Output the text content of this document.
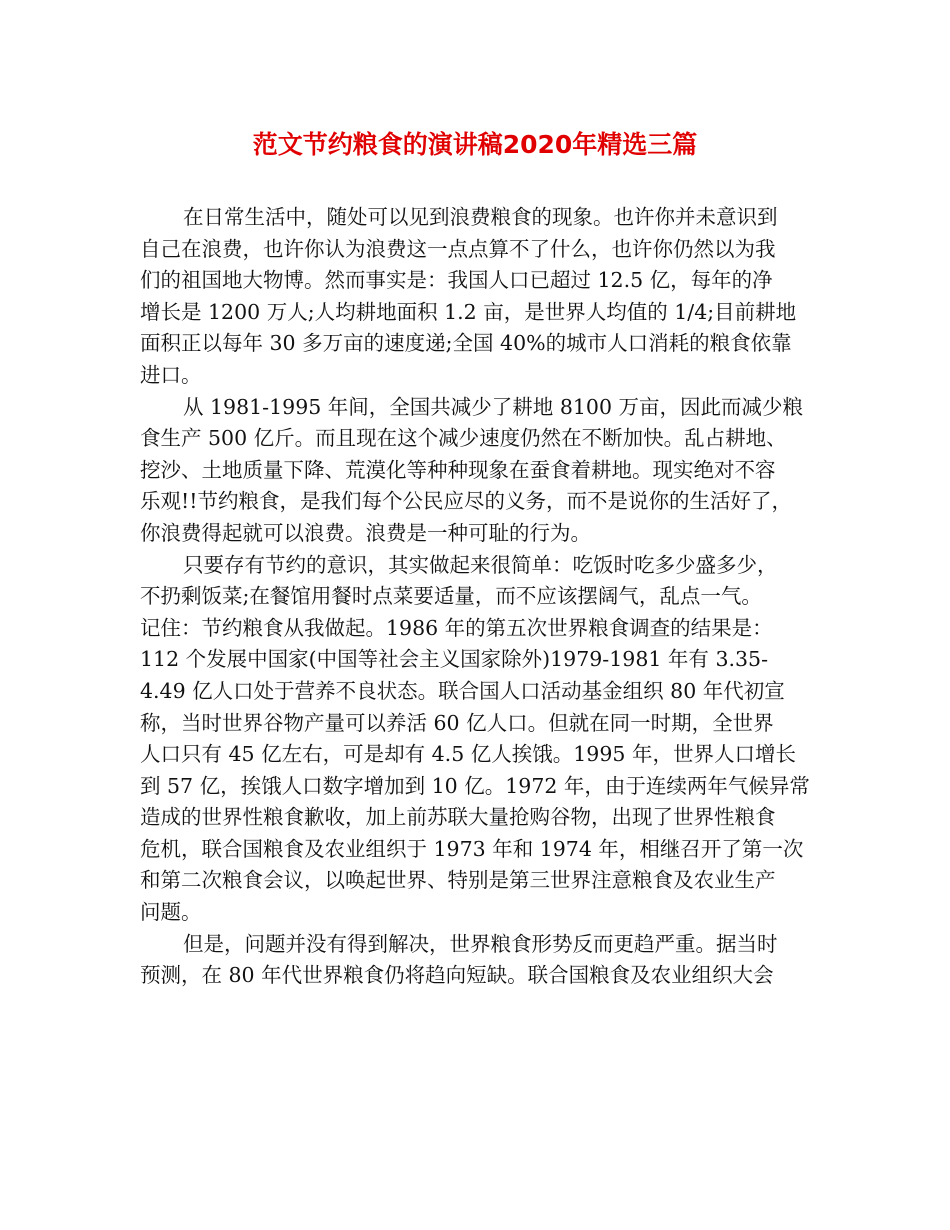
范文节约粮食的演讲稿2020年精选三篇

在日常生活中，随处可以见到浪费粮食的现象。也许你并未意识到
自己在浪费，也许你认为浪费这一点点算不了什么，也许你仍然以为我
们的祖国地大物博。然而事实是：我国人口已超过 12.5 亿，每年的净
增长是 1200 万人;人均耕地面积 1.2 亩，是世界人均值的 1/4;目前耕地
面积正以每年 30 多万亩的速度递;全国 40%的城市人口消耗的粮食依靠
进口。

从 1981-1995 年间，全国共减少了耕地 8100 万亩，因此而减少粮
食生产 500 亿斤。而且现在这个减少速度仍然在不断加快。乱占耕地、
挖沙、土地质量下降、荒漠化等种种现象在蚕食着耕地。现实绝对不容
乐观!!节约粮食，是我们每个公民应尽的义务，而不是说你的生活好了，
你浪费得起就可以浪费。浪费是一种可耻的行为。

只要存有节约的意识，其实做起来很简单：吃饭时吃多少盛多少，
不扔剩饭菜;在餐馆用餐时点菜要适量，而不应该摆阔气，乱点一气。
记住：节约粮食从我做起。1986 年的第五次世界粮食调查的结果是：
112 个发展中国家(中国等社会主义国家除外)1979-1981 年有 3.35-
4.49 亿人口处于营养不良状态。联合国人口活动基金组织 80 年代初宣
称，当时世界谷物产量可以养活 60 亿人口。但就在同一时期，全世界
人口只有 45 亿左右，可是却有 4.5 亿人挨饿。1995 年，世界人口增长
到 57 亿，挨饿人口数字增加到 10 亿。1972 年，由于连续两年气候异常
造成的世界性粮食歉收，加上前苏联大量抢购谷物，出现了世界性粮食
危机，联合国粮食及农业组织于 1973 年和 1974 年，相继召开了第一次
和第二次粮食会议，以唤起世界、特别是第三世界注意粮食及农业生产
问题。

但是，问题并没有得到解决，世界粮食形势反而更趋严重。据当时
预测，在 80 年代世界粮食仍将趋向短缺。联合国粮食及农业组织大会
